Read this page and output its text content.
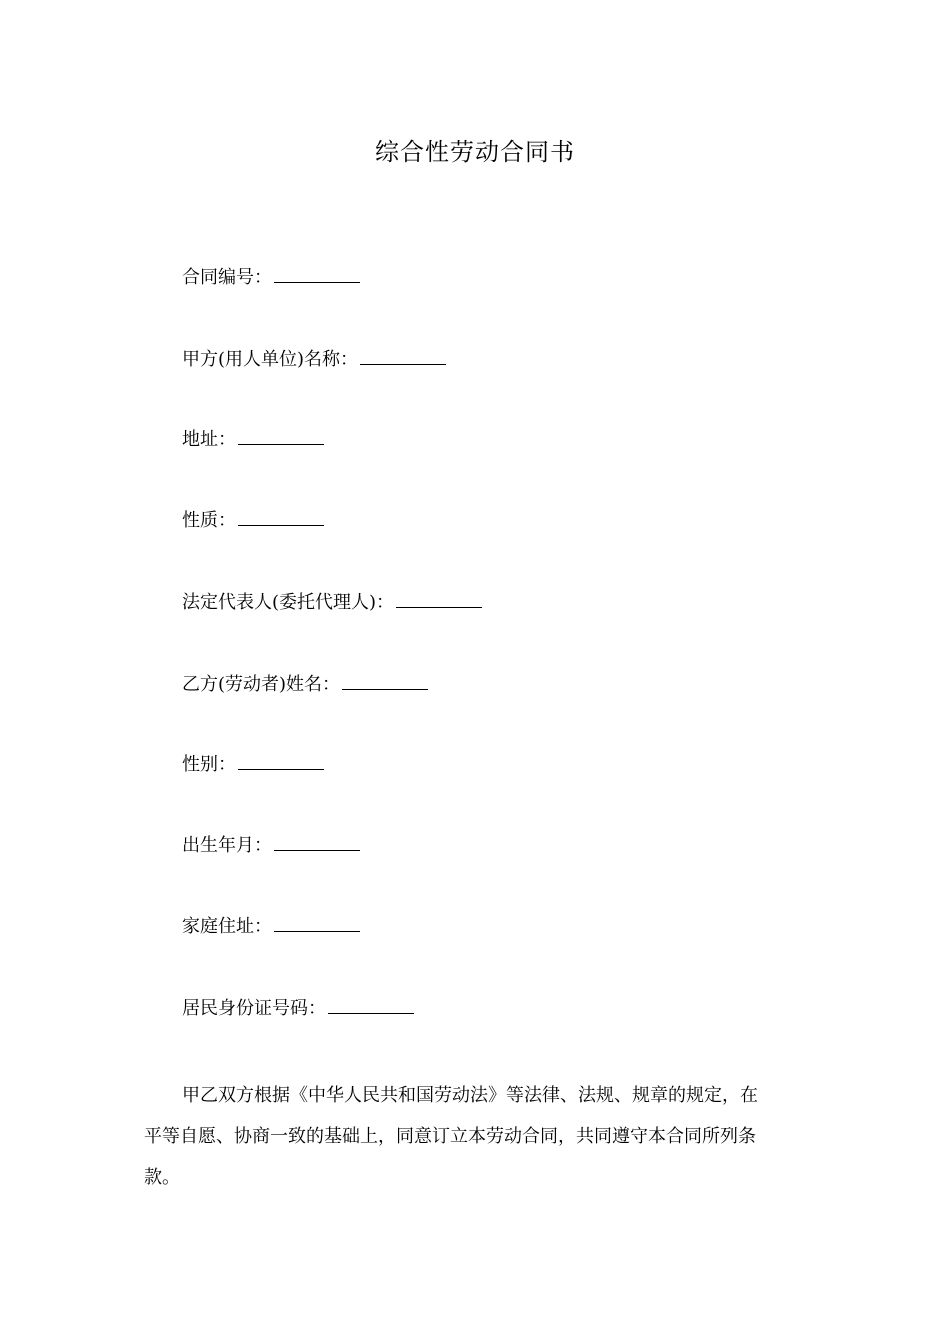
综合性劳动合同书
合同编号：
甲方(用人单位)名称：
地址：
性质：
法定代表人(委托代理人)：
乙方(劳动者)姓名：
性别：
出生年月：
家庭住址：
居民身份证号码：

甲乙双方根据《中华人民共和国劳动法》等法律、法规、规章的规定，在

平等自愿、协商一致的基础上，同意订立本劳动合同，共同遵守本合同所列条

款。
